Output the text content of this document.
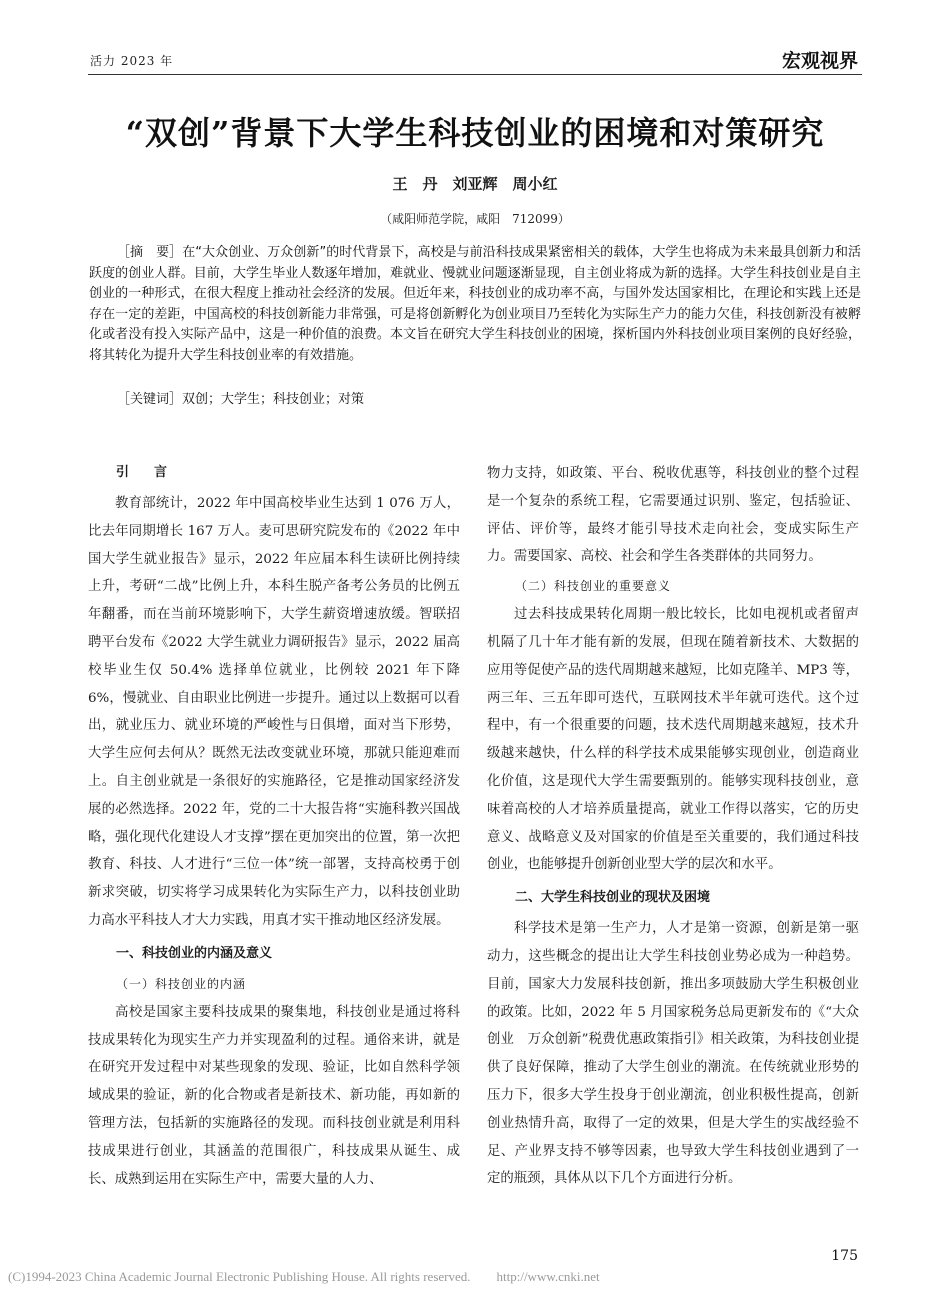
活力 2023 年	宏观视界
“双创”背景下大学生科技创业的困境和对策研究
王　丹　刘亚辉　周小红
（咸阳师范学院，咸阳　712099）
［摘　要］在“大众创业、万众创新”的时代背景下，高校是与前沿科技成果紧密相关的载体，大学生也将成为未来最具创新力和活跃度的创业人群。目前，大学生毕业人数逐年增加，难就业、慢就业问题逐渐显现，自主创业将成为新的选择。大学生科技创业是自主创业的一种形式，在很大程度上推动社会经济的发展。但近年来，科技创业的成功率不高，与国外发达国家相比，在理论和实践上还是存在一定的差距，中国高校的科技创新能力非常强，可是将创新孵化为创业项目乃至转化为实际生产力的能力欠佳，科技创新没有被孵化或者没有投入实际产品中，这是一种价值的浪费。本文旨在研究大学生科技创业的困境，探析国内外科技创业项目案例的良好经验，将其转化为提升大学生科技创业率的有效措施。
［关键词］双创；大学生；科技创业；对策
引　言

教育部统计，2022 年中国高校毕业生达到 1 076 万人，比去年同期增长 167 万人。麦可思研究院发布的《2022 年中国大学生就业报告》显示，2022 年应届本科生读研比例持续上升，考研“二战”比例上升，本科生脱产备考公务员的比例五年翻番，而在当前环境影响下，大学生薪资增速放缓。智联招聘平台发布《2022 大学生就业力调研报告》显示，2022 届高校毕业生仅 50.4% 选择单位就业，比例较 2021 年下降 6%，慢就业、自由职业比例进一步提升。通过以上数据可以看出，就业压力、就业环境的严峻性与日俱增，面对当下形势，大学生应何去何从？既然无法改变就业环境，那就只能迎难而上。自主创业就是一条很好的实施路径，它是推动国家经济发展的必然选择。2022 年，党的二十大报告将“实施科教兴国战略，强化现代化建设人才支撑”摆在更加突出的位置，第一次把教育、科技、人才进行“三位一体”统一部署，支持高校勇于创新求突破，切实将学习成果转化为实际生产力，以科技创业助力高水平科技人才大力实践，用真才实干推动地区经济发展。

一、科技创业的内涵及意义
（一）科技创业的内涵

高校是国家主要科技成果的聚集地，科技创业是通过将科技成果转化为现实生产力并实现盈利的过程。通俗来讲，就是在研究开发过程中对某些现象的发现、验证，比如自然科学领域成果的验证，新的化合物或者是新技术、新功能，再如新的管理方法，包括新的实施路径的发现。而科技创业就是利用科技成果进行创业，其涵盖的范围很广，科技成果从诞生、成长、成熟到运用在实际生产中，需要大量的人力、

物力支持，如政策、平台、税收优惠等，科技创业的整个过程是一个复杂的系统工程，它需要通过识别、鉴定，包括验证、评估、评价等，最终才能引导技术走向社会，变成实际生产力。需要国家、高校、社会和学生各类群体的共同努力。

（二）科技创业的重要意义

过去科技成果转化周期一般比较长，比如电视机或者留声机隔了几十年才能有新的发展，但现在随着新技术、大数据的应用等促使产品的迭代周期越来越短，比如克隆羊、MP3 等，两三年、三五年即可迭代，互联网技术半年就可迭代。这个过程中，有一个很重要的问题，技术迭代周期越来越短，技术升级越来越快，什么样的科学技术成果能够实现创业，创造商业化价值，这是现代大学生需要甄别的。能够实现科技创业，意味着高校的人才培养质量提高，就业工作得以落实，它的历史意义、战略意义及对国家的价值是至关重要的，我们通过科技创业，也能够提升创新创业型大学的层次和水平。

二、大学生科技创业的现状及困境

科学技术是第一生产力，人才是第一资源，创新是第一驱动力，这些概念的提出让大学生科技创业势必成为一种趋势。目前，国家大力发展科技创新，推出多项鼓励大学生积极创业的政策。比如，2022 年 5 月国家税务总局更新发布的《“大众创业　万众创新”税费优惠政策指引》相关政策，为科技创业提供了良好保障，推动了大学生创业的潮流。在传统就业形势的压力下，很多大学生投身于创业潮流，创业积极性提高，创新创业热情升高，取得了一定的效果，但是大学生的实战经验不足、产业界支持不够等因素，也导致大学生科技创业遇到了一定的瓶颈，具体从以下几个方面进行分析。

175
(C)1994-2023 China Academic Journal Electronic Publishing House. All rights reserved.　　http://www.cnki.net
